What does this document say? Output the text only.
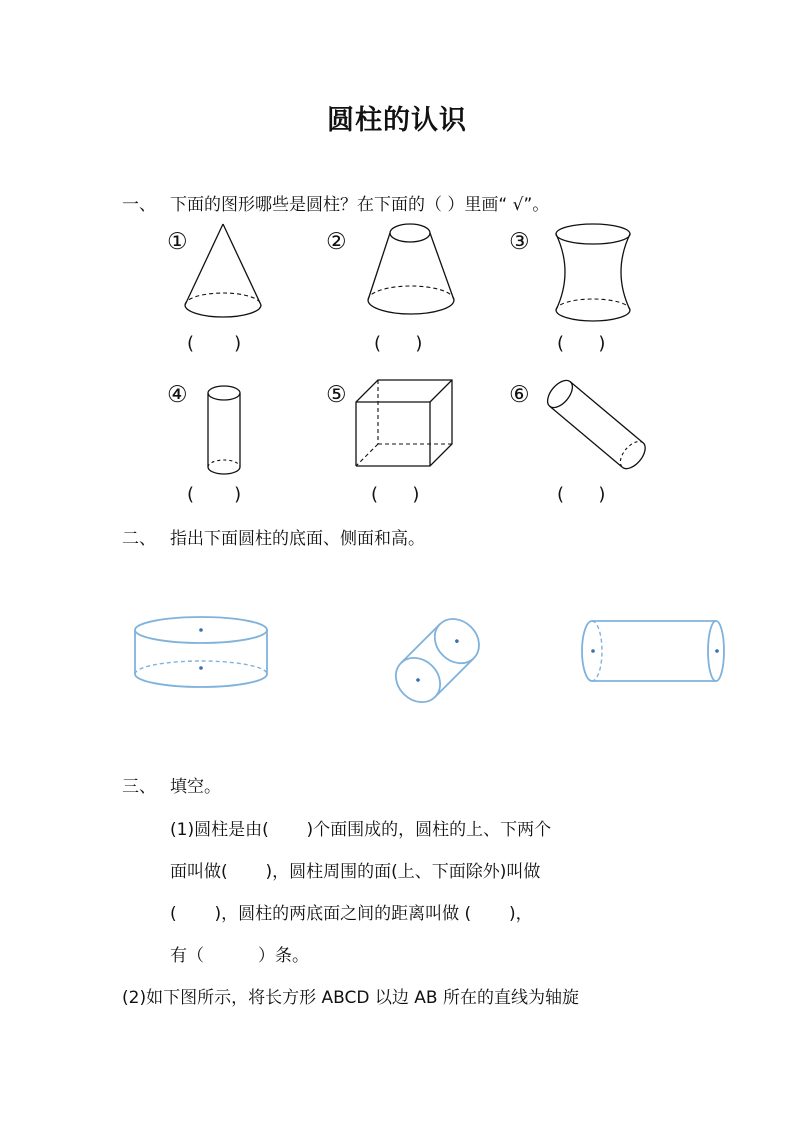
圆柱的认识
一、 下面的图形哪些是圆柱？在下面的（ ）里画“ √”。
①
(       )
②
(      )
③
(      )
④
(       )
⑤
(      )
⑥
(      )
二、 指出下面圆柱的底面、侧面和高。
三、 填空。
(1)圆柱是由(       )个面围成的，圆柱的上、下两个
面叫做(       )，圆柱周围的面(上、下面除外)叫做
(       )，圆柱的两底面之间的距离叫做 (       )，
有（          ）条。
(2)如下图所示，将长方形 ABCD 以边 AB 所在的直线为轴旋
